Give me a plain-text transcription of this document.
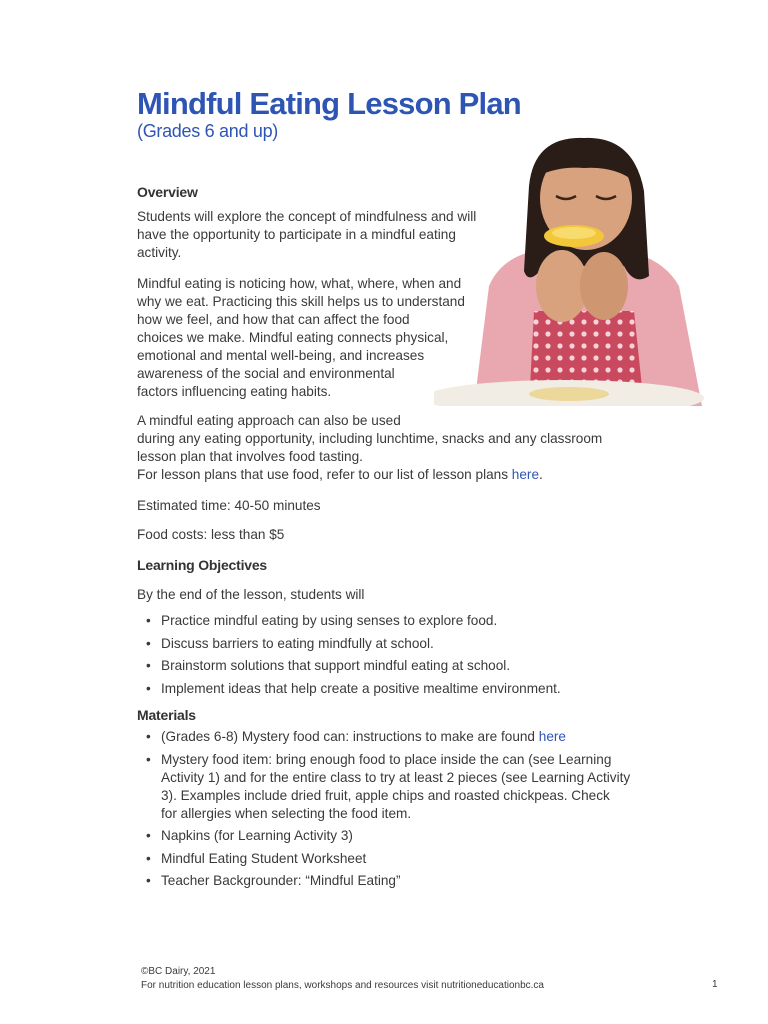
Mindful Eating Lesson Plan
(Grades 6 and up)
Overview

Students will explore the concept of mindfulness and will
have the opportunity to participate in a mindful eating
activity.

Mindful eating is noticing how, what, where, when and
why we eat. Practicing this skill helps us to understand
how we feel, and how that can affect the food
choices we make. Mindful eating connects physical,
emotional and mental well-being, and increases
awareness of the social and environmental
factors influencing eating habits.

A mindful eating approach can also be used
during any eating opportunity, including lunchtime, snacks and any classroom
lesson plan that involves food tasting.
For lesson plans that use food, refer to our list of lesson plans here.

Estimated time: 40-50 minutes

Food costs: less than $5

Learning Objectives

By the end of the lesson, students will

• Practice mindful eating by using senses to explore food.
• Discuss barriers to eating mindfully at school.
• Brainstorm solutions that support mindful eating at school.
• Implement ideas that help create a positive mealtime environment.
Materials
• (Grades 6-8) Mystery food can: instructions to make are found here
• Mystery food item: bring enough food to place inside the can (see Learning
Activity 1) and for the entire class to try at least 2 pieces (see Learning Activity
3). Examples include dried fruit, apple chips and roasted chickpeas. Check
for allergies when selecting the food item.
• Napkins (for Learning Activity 3)
• Mindful Eating Student Worksheet
• Teacher Backgrounder: “Mindful Eating”
©BC Dairy, 2021
For nutrition education lesson plans, workshops and resources visit nutritioneducationbc.ca	1
